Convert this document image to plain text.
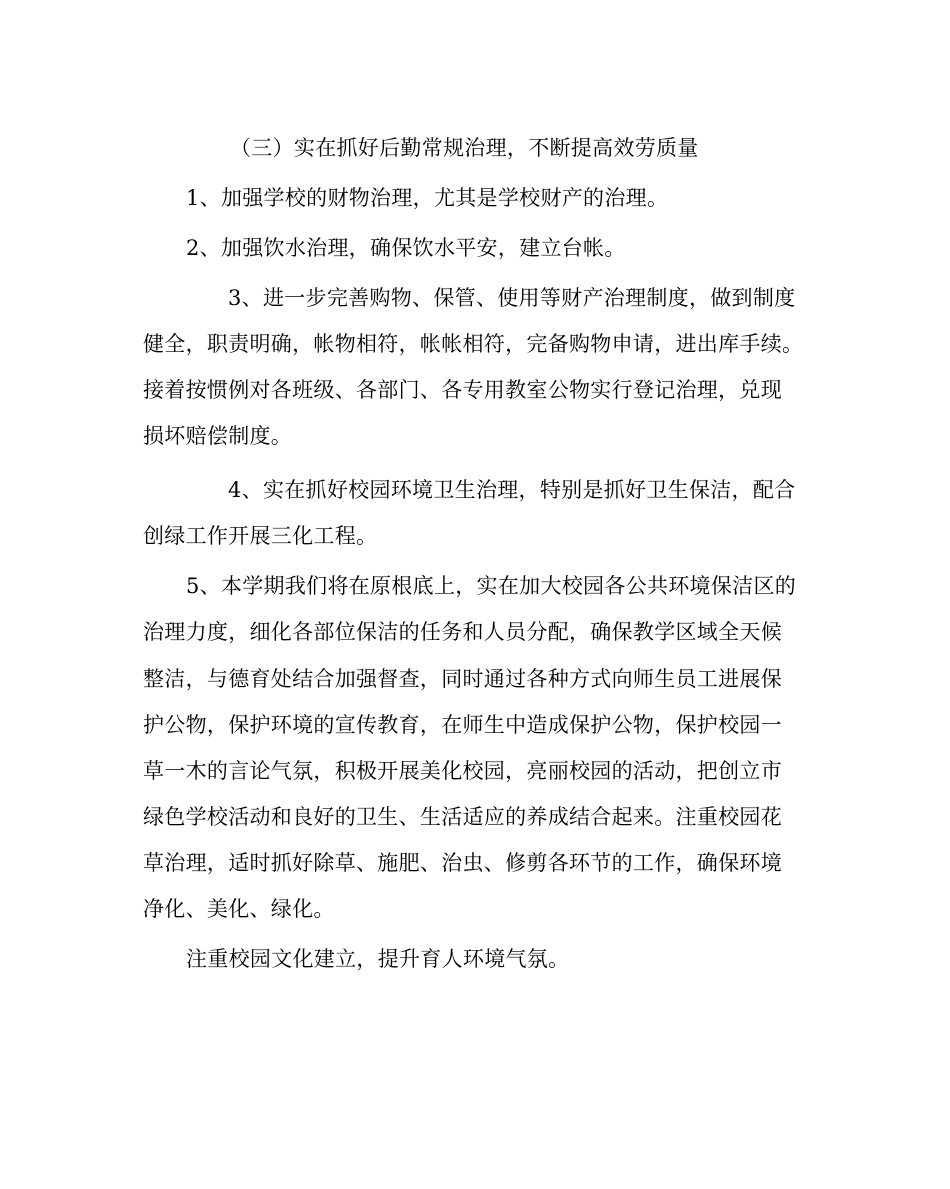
（三）实在抓好后勤常规治理，不断提高效劳质量
1、加强学校的财物治理，尤其是学校财产的治理。
2、加强饮水治理，确保饮水平安，建立台帐。
3、进一步完善购物、保管、使用等财产治理制度，做到制度
健全，职责明确，帐物相符，帐帐相符，完备购物申请，进出库手续。
接着按惯例对各班级、各部门、各专用教室公物实行登记治理，兑现
损坏赔偿制度。
4、实在抓好校园环境卫生治理，特别是抓好卫生保洁，配合
创绿工作开展三化工程。
5、本学期我们将在原根底上，实在加大校园各公共环境保洁区的
治理力度，细化各部位保洁的任务和人员分配，确保教学区域全天候
整洁，与德育处结合加强督查，同时通过各种方式向师生员工进展保
护公物，保护环境的宣传教育，在师生中造成保护公物，保护校园一
草一木的言论气氛，积极开展美化校园，亮丽校园的活动，把创立市
绿色学校活动和良好的卫生、生活适应的养成结合起来。注重校园花
草治理，适时抓好除草、施肥、治虫、修剪各环节的工作，确保环境
净化、美化、绿化。
注重校园文化建立，提升育人环境气氛。
